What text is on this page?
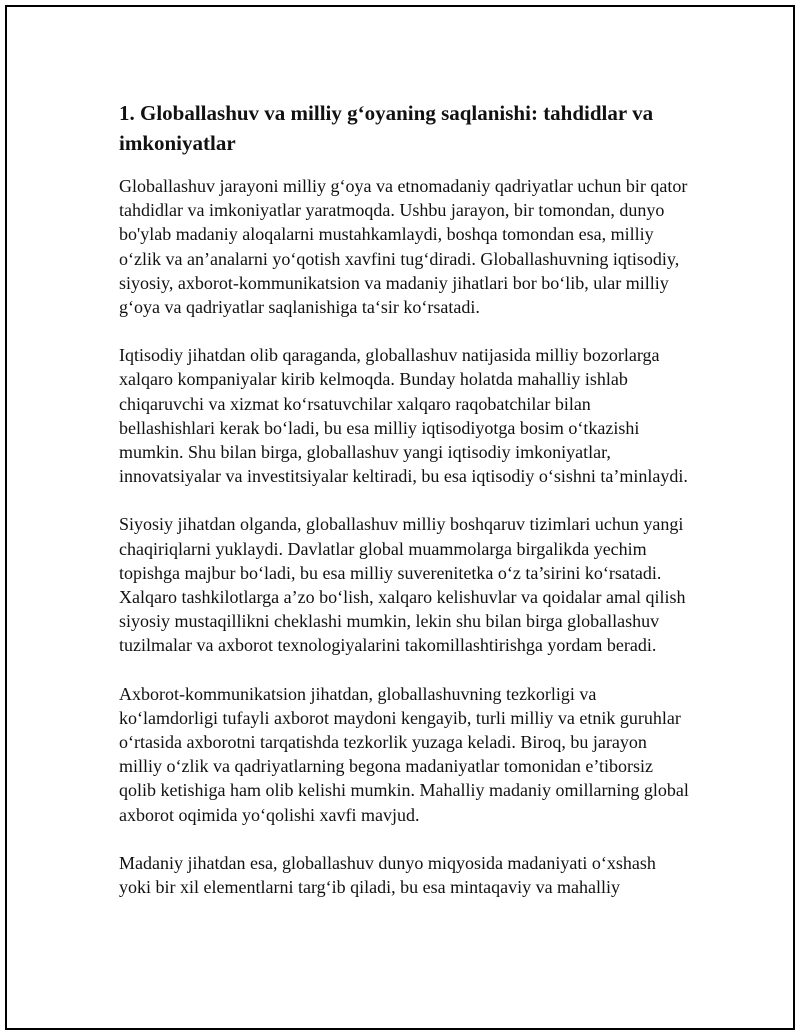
1. Globallashuv va milliy g‘oyaning saqlanishi: tahdidlar va imkoniyatlar

Globallashuv jarayoni milliy g‘oya va etnomadaniy qadriyatlar uchun bir qator tahdidlar va imkoniyatlar yaratmoqda. Ushbu jarayon, bir tomondan, dunyo bo'ylab madaniy aloqalarni mustahkamlaydi, boshqa tomondan esa, milliy o‘zlik va an’analarni yo‘qotish xavfini tug‘diradi. Globallashuvning iqtisodiy, siyosiy, axborot-kommunikatsion va madaniy jihatlari bor bo‘lib, ular milliy g‘oya va qadriyatlar saqlanishiga ta‘sir ko‘rsatadi.

Iqtisodiy jihatdan olib qaraganda, globallashuv natijasida milliy bozorlarga xalqaro kompaniyalar kirib kelmoqda. Bunday holatda mahalliy ishlab chiqaruvchi va xizmat ko‘rsatuvchilar xalqaro raqobatchilar bilan bellashishlari kerak bo‘ladi, bu esa milliy iqtisodiyotga bosim o‘tkazishi mumkin. Shu bilan birga, globallashuv yangi iqtisodiy imkoniyatlar, innovatsiyalar va investitsiyalar keltiradi, bu esa iqtisodiy o‘sishni ta’minlaydi.

Siyosiy jihatdan olganda, globallashuv milliy boshqaruv tizimlari uchun yangi chaqiriqlarni yuklaydi. Davlatlar global muammolarga birgalikda yechim topishga majbur bo‘ladi, bu esa milliy suverenitetka o‘z ta’sirini ko‘rsatadi. Xalqaro tashkilotlarga a’zo bo‘lish, xalqaro kelishuvlar va qoidalar amal qilish siyosiy mustaqillikni cheklashi mumkin, lekin shu bilan birga globallashuv tuzilmalar va axborot texnologiyalarini takomillashtirishga yordam beradi.

Axborot-kommunikatsion jihatdan, globallashuvning tezkorligi va ko‘lamdorligi tufayli axborot maydoni kengayib, turli milliy va etnik guruhlar o‘rtasida axborotni tarqatishda tezkorlik yuzaga keladi. Biroq, bu jarayon milliy o‘zlik va qadriyatlarning begona madaniyatlar tomonidan e’tiborsiz qolib ketishiga ham olib kelishi mumkin. Mahalliy madaniy omillarning global axborot oqimida yo‘qolishi xavfi mavjud.

Madaniy jihatdan esa, globallashuv dunyo miqyosida madaniyati o‘xshash yoki bir xil elementlarni targ‘ib qiladi, bu esa mintaqaviy va mahalliy
